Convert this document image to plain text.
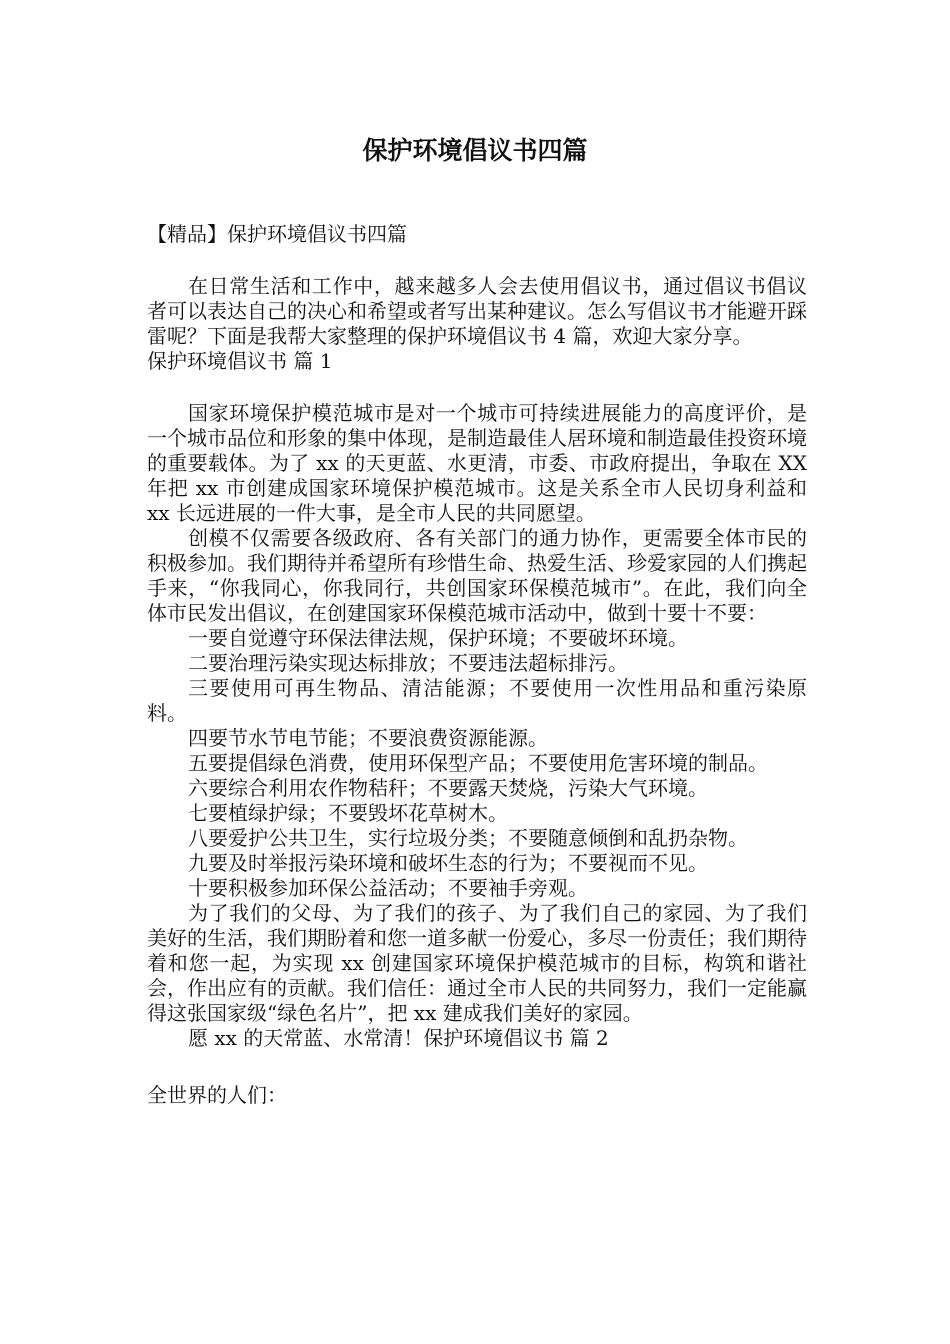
保护环境倡议书四篇

【精品】保护环境倡议书四篇

在日常生活和工作中，越来越多人会去使用倡议书，通过倡议书倡议者可以表达自己的决心和希望或者写出某种建议。怎么写倡议书才能避开踩雷呢？下面是我帮大家整理的保护环境倡议书 4 篇，欢迎大家分享。

保护环境倡议书 篇 1

国家环境保护模范城市是对一个城市可持续进展能力的高度评价，是一个城市品位和形象的集中体现，是制造最佳人居环境和制造最佳投资环境的重要载体。为了 xx 的天更蓝、水更清，市委、市政府提出，争取在 XX 年把 xx 市创建成国家环境保护模范城市。这是关系全市人民切身利益和 xx 长远进展的一件大事，是全市人民的共同愿望。

创模不仅需要各级政府、各有关部门的通力协作，更需要全体市民的积极参加。我们期待并希望所有珍惜生命、热爱生活、珍爱家园的人们携起手来，“你我同心，你我同行，共创国家环保模范城市”。在此，我们向全体市民发出倡议，在创建国家环保模范城市活动中，做到十要十不要：

一要自觉遵守环保法律法规，保护环境；不要破坏环境。

二要治理污染实现达标排放；不要违法超标排污。

三要使用可再生物品、清洁能源；不要使用一次性用品和重污染原料。

四要节水节电节能；不要浪费资源能源。

五要提倡绿色消费，使用环保型产品；不要使用危害环境的制品。

六要综合利用农作物秸秆；不要露天焚烧，污染大气环境。

七要植绿护绿；不要毁坏花草树木。

八要爱护公共卫生，实行垃圾分类；不要随意倾倒和乱扔杂物。

九要及时举报污染环境和破坏生态的行为；不要视而不见。

十要积极参加环保公益活动；不要袖手旁观。

为了我们的父母、为了我们的孩子、为了我们自己的家园、为了我们美好的生活，我们期盼着和您一道多献一份爱心，多尽一份责任；我们期待着和您一起，为实现 xx 创建国家环境保护模范城市的目标，构筑和谐社会，作出应有的贡献。我们信任：通过全市人民的共同努力，我们一定能赢得这张国家级“绿色名片”，把 xx 建成我们美好的家园。

愿 xx 的天常蓝、水常清！保护环境倡议书 篇 2

全世界的人们：
